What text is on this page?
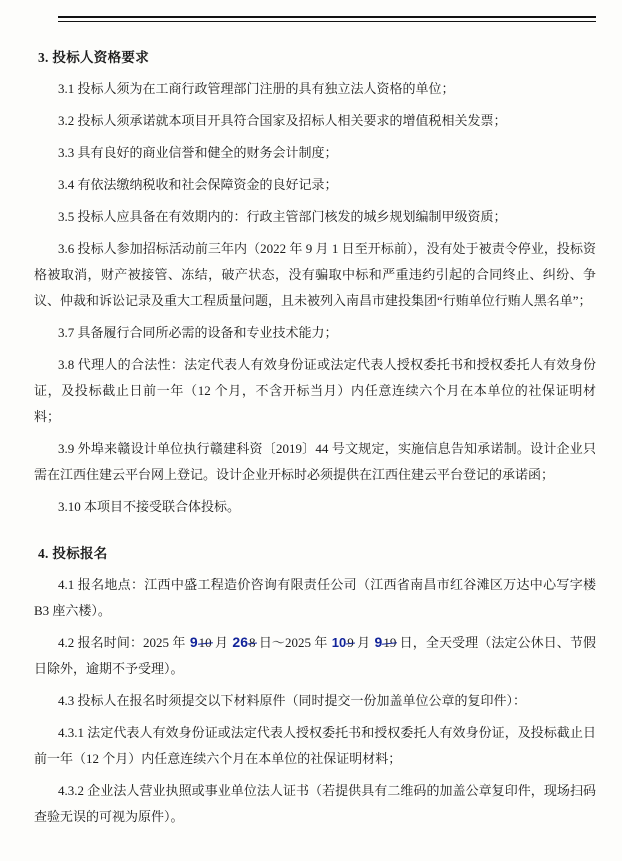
3. 投标人资格要求

3.1 投标人须为在工商行政管理部门注册的具有独立法人资格的单位；

3.2 投标人须承诺就本项目开具符合国家及招标人相关要求的增值税相关发票；

3.3 具有良好的商业信誉和健全的财务会计制度；

3.4 有依法缴纳税收和社会保障资金的良好记录；

3.5 投标人应具备在有效期内的：行政主管部门核发的城乡规划编制甲级资质；

3.6 投标人参加招标活动前三年内（2022 年 9 月 1 日至开标前），没有处于被责令停业，投标资格被取消，财产被接管、冻结，破产状态，没有骗取中标和严重违约引起的合同终止、纠纷、争议、仲裁和诉讼记录及重大工程质量问题，且未被列入南昌市建投集团“行贿单位行贿人黑名单”；

3.7 具备履行合同所必需的设备和专业技术能力；

3.8 代理人的合法性：法定代表人有效身份证或法定代表人授权委托书和授权委托人有效身份证，及投标截止日前一年（12 个月，不含开标当月）内任意连续六个月在本单位的社保证明材料；

3.9 外埠来赣设计单位执行赣建科资〔2019〕44 号文规定，实施信息告知承诺制。设计企业只需在江西住建云平台网上登记。设计企业开标时必须提供在江西住建云平台登记的承诺函；

3.10 本项目不接受联合体投标。

4. 投标报名

4.1 报名地点：江西中盛工程造价咨询有限责任公司（江西省南昌市红谷滩区万达中心写字楼 B3 座六楼）。

4.2 报名时间：2025 年 910 月 268 日～2025 年 109 月 919 日，全天受理（法定公休日、节假日除外，逾期不予受理）。

4.3 投标人在报名时须提交以下材料原件（同时提交一份加盖单位公章的复印件）：

4.3.1 法定代表人有效身份证或法定代表人授权委托书和授权委托人有效身份证，及投标截止日前一年（12 个月）内任意连续六个月在本单位的社保证明材料；

4.3.2 企业法人营业执照或事业单位法人证书（若提供具有二维码的加盖公章复印件，现场扫码查验无误的可视为原件）。
